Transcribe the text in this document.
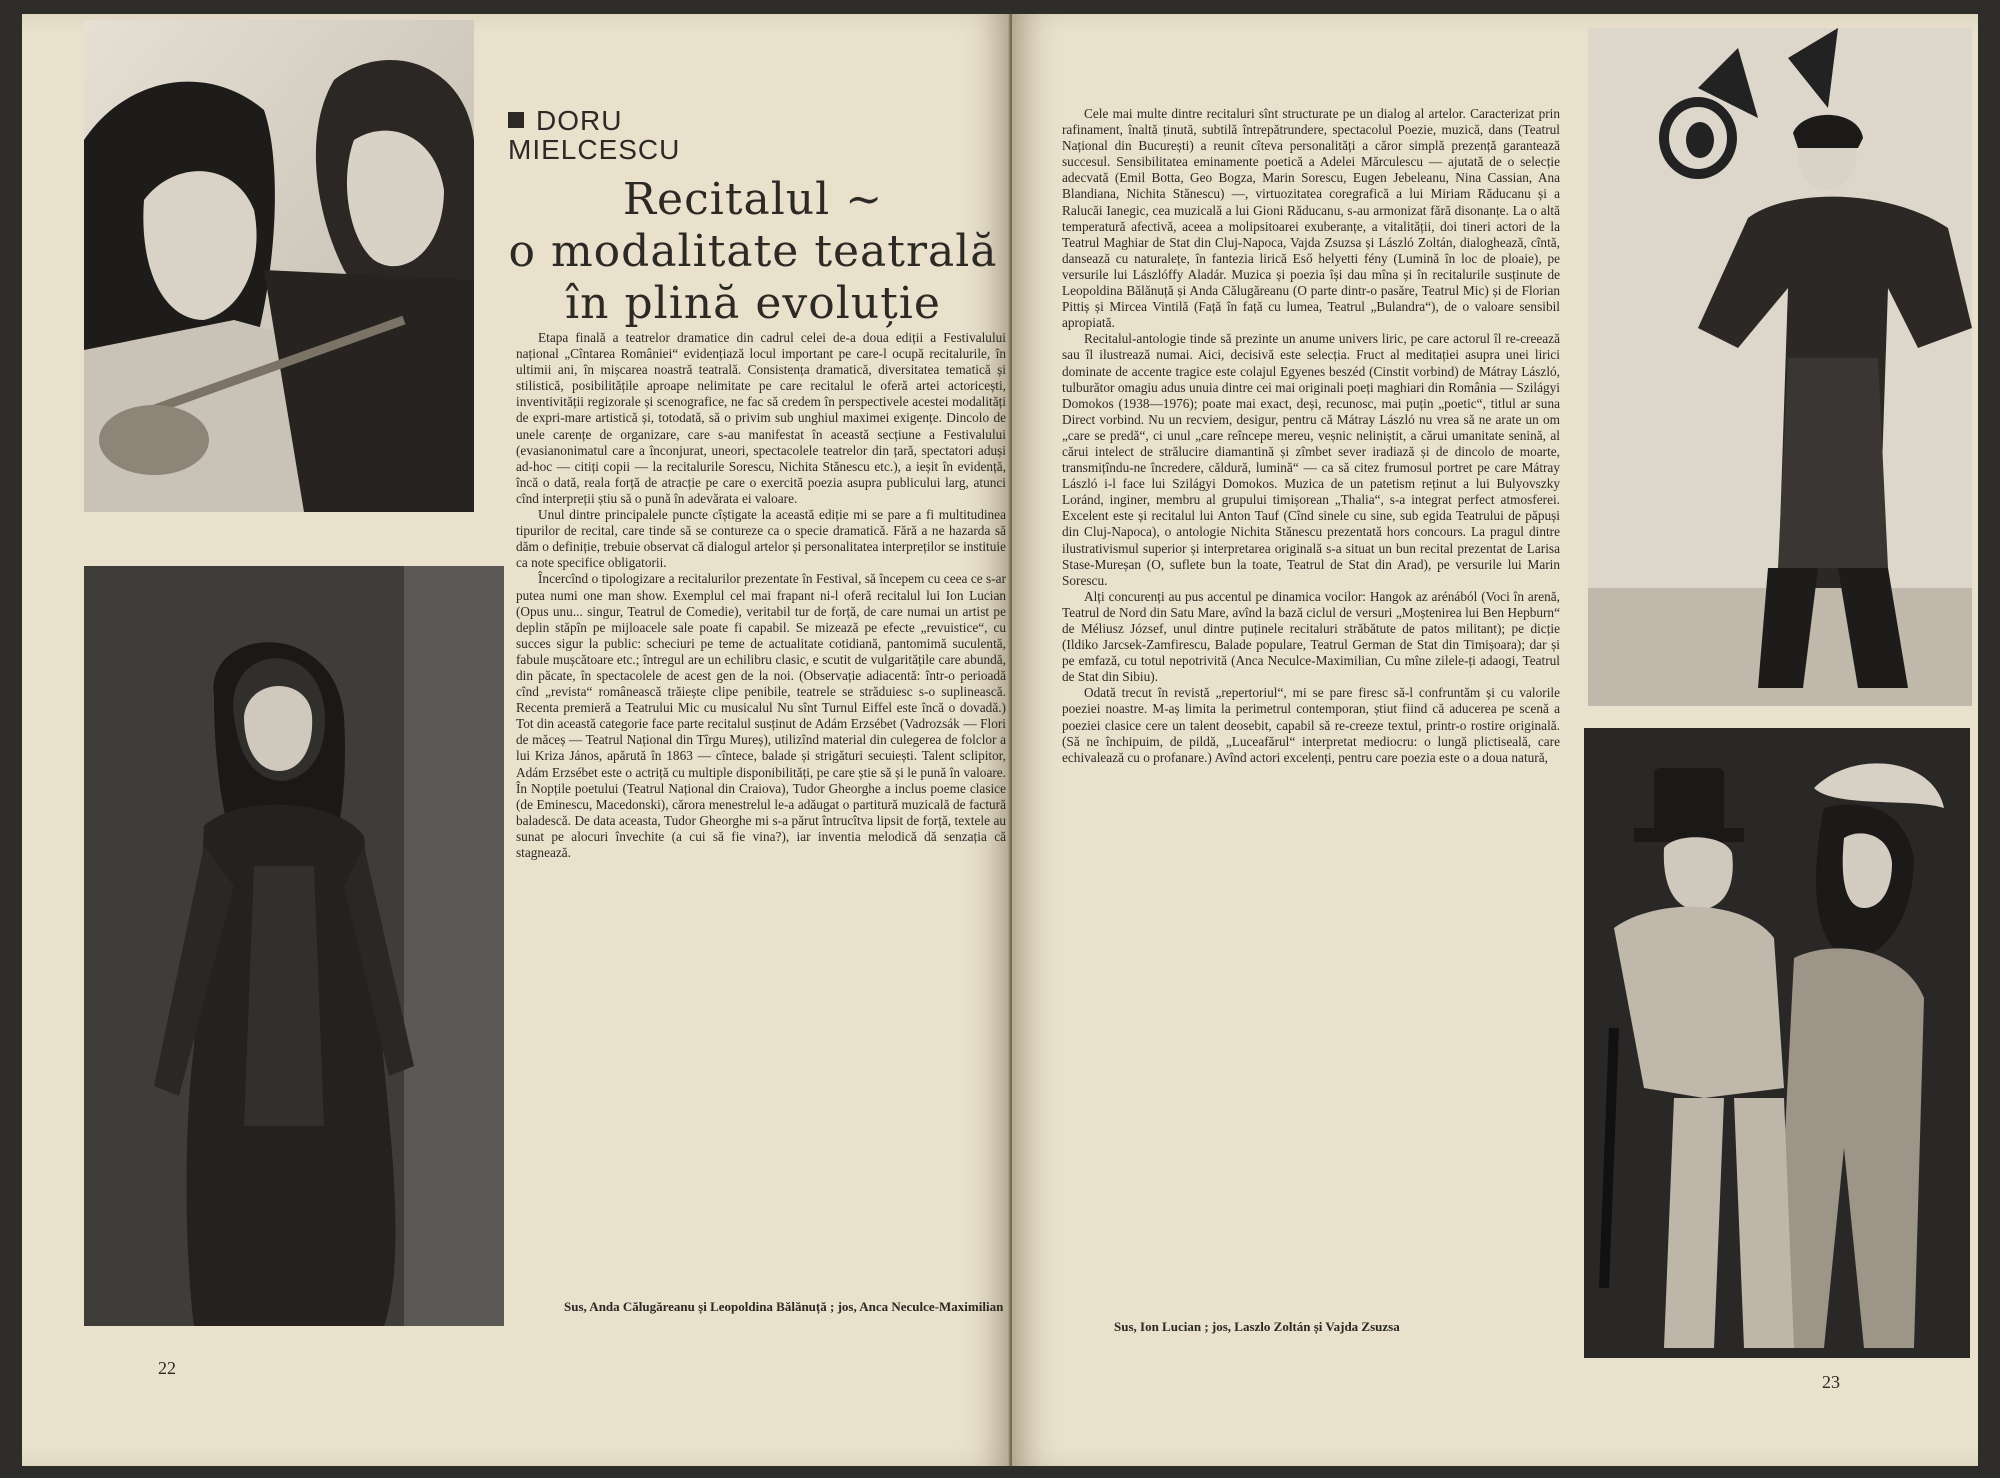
DORU
MIELCESCU
Recitalul ~
o modalitate teatrală
în plină evoluție

Etapa finală a teatrelor dramatice din cadrul celei de-a doua ediții a Festivalului național „Cîntarea României“ evidențiază locul important pe care-l ocupă recitalurile, în ultimii ani, în mișcarea noastră teatrală. Consistența dramatică, diversitatea tematică și stilistică, posibilitățile aproape nelimitate pe care recitalul le oferă artei actoricești, inventivității regizorale și scenografice, ne fac să credem în perspectivele acestei modalități de expri-mare artistică și, totodată, să o privim sub unghiul maximei exigențe. Dincolo de unele carențe de organizare, care s-au manifestat în această secțiune a Festivalului (evasianonimatul care a înconjurat, uneori, spectacolele teatrelor din țară, spectatori aduși ad-hoc — citiți copii — la recitalurile Sorescu, Nichita Stănescu etc.), a ieșit în evidență, încă o dată, reala forță de atracție pe care o exercită poezia asupra publicului larg, atunci cînd interpreții știu să o pună în adevărata ei valoare.

Unul dintre principalele puncte cîștigate la această ediție mi se pare a fi multitudinea tipurilor de recital, care tinde să se contureze ca o specie dramatică. Fără a ne hazarda să dăm o definiție, trebuie observat că dialogul artelor și personalitatea interpreților se instituie ca note specifice obligatorii.

Încercînd o tipologizare a recitalurilor prezentate în Festival, să începem cu ceea ce s-ar putea numi one man show. Exemplul cel mai frapant ni-l oferă recitalul lui Ion Lucian (Opus unu... singur, Teatrul de Comedie), veritabil tur de forță, de care numai un artist pe deplin stăpîn pe mijloacele sale poate fi capabil. Se mizează pe efecte „revuistice“, cu succes sigur la public: scheciuri pe teme de actualitate cotidiană, pantomimă suculentă, fabule mușcătoare etc.; întregul are un echilibru clasic, e scutit de vulgaritățile care abundă, din păcate, în spectacolele de acest gen de la noi. (Observație adiacentă: într-o perioadă cînd „revista“ românească trăiește clipe penibile, teatrele se străduiesc s-o suplinească. Recenta premieră a Teatrului Mic cu musicalul Nu sînt Turnul Eiffel este încă o dovadă.) Tot din această categorie face parte recitalul susținut de Adám Erzsébet (Vadrozsák — Flori de măceș — Teatrul Național din Tîrgu Mureș), utilizînd material din culegerea de folclor a lui Kriza János, apărută în 1863 — cîntece, balade și strigături secuiești. Talent sclipitor, Adám Erzsébet este o actriță cu multiple disponibilități, pe care știe să și le pună în valoare. În Nopțile poetului (Teatrul Național din Craiova), Tudor Gheorghe a inclus poeme clasice (de Eminescu, Macedonski), cărora menestrelul le-a adăugat o partitură muzicală de factură baladescă. De data aceasta, Tudor Gheorghe mi s-a părut întrucîtva lipsit de forță, textele au sunat pe alocuri învechite (a cui să fie vina?), iar inventia melodică dă senzația că stagnează.

Sus, Anda Călugăreanu și Leopoldina Bălănuță ; jos, Anca Neculce-Maximilian
22

Cele mai multe dintre recitaluri sînt structurate pe un dialog al artelor. Caracterizat prin rafinament, înaltă ținută, subtilă întrepătrundere, spectacolul Poezie, muzică, dans (Teatrul Național din București) a reunit cîteva personalități a căror simplă prezență garantează succesul. Sensibilitatea eminamente poetică a Adelei Mărculescu — ajutată de o selecție adecvată (Emil Botta, Geo Bogza, Marin Sorescu, Eugen Jebeleanu, Nina Cassian, Ana Blandiana, Nichita Stănescu) —, virtuozitatea coregrafică a lui Miriam Răducanu și a Ralucăi Ianegic, cea muzicală a lui Gioni Răducanu, s-au armonizat fără disonanțe. La o altă temperatură afectivă, aceea a molipsitoarei exuberanțe, a vitalității, doi tineri actori de la Teatrul Maghiar de Stat din Cluj-Napoca, Vajda Zsuzsa și László Zoltán, dialoghează, cîntă, dansează cu naturalețe, în fantezia lirică Eső helyetti fény (Lumină în loc de ploaie), pe versurile lui Lászlóffy Aladár. Muzica și poezia își dau mîna și în recitalurile susținute de Leopoldina Bălănuță și Anda Călugăreanu (O parte dintr-o pasăre, Teatrul Mic) și de Florian Pittiș și Mircea Vintilă (Față în față cu lumea, Teatrul „Bulandra“), de o valoare sensibil apropiată.

Recitalul-antologie tinde să prezinte un anume univers liric, pe care actorul îl re-creează sau îl ilustrează numai. Aici, decisivă este selecția. Fruct al meditației asupra unei lirici dominate de accente tragice este colajul Egyenes beszéd (Cinstit vorbind) de Mátray László, tulburător omagiu adus unuia dintre cei mai originali poeți maghiari din România — Szilágyi Domokos (1938—1976); poate mai exact, deși, recunosc, mai puțin „poetic“, titlul ar suna Direct vorbind. Nu un recviem, desigur, pentru că Mátray László nu vrea să ne arate un om „care se predă“, ci unul „care reîncepe mereu, veșnic neliniștit, a cărui umanitate senină, al cărui intelect de strălucire diamantină și zîmbet sever iradiază și de dincolo de moarte, transmițîndu-ne încredere, căldură, lumină“ — ca să citez frumosul portret pe care Mátray László i-l face lui Szilágyi Domokos. Muzica de un patetism reținut a lui Bulyovszky Loránd, inginer, membru al grupului timișorean „Thalia“, s-a integrat perfect atmosferei. Excelent este și recitalul lui Anton Tauf (Cînd sinele cu sine, sub egida Teatrului de păpuși din Cluj-Napoca), o antologie Nichita Stănescu prezentată hors concours. La pragul dintre ilustrativismul superior și interpretarea originală s-a situat un bun recital prezentat de Larisa Stase-Mureșan (O, suflete bun la toate, Teatrul de Stat din Arad), pe versurile lui Marin Sorescu.

Alți concurenți au pus accentul pe dinamica vocilor: Hangok az arénából (Voci în arenă, Teatrul de Nord din Satu Mare, avînd la bază ciclul de versuri „Moștenirea lui Ben Hepburn“ de Méliusz József, unul dintre puținele recitaluri străbătute de patos militant); pe dicție (Ildiko Jarcsek-Zamfirescu, Balade populare, Teatrul German de Stat din Timișoara); dar și pe emfază, cu totul nepotrivită (Anca Neculce-Maximilian, Cu mîne zilele-ți adaogi, Teatrul de Stat din Sibiu).

Odată trecut în revistă „repertoriul“, mi se pare firesc să-l confruntăm și cu valorile poeziei noastre. M-aș limita la perimetrul contemporan, știut fiind că aducerea pe scenă a poeziei clasice cere un talent deosebit, capabil să re-creeze textul, printr-o rostire originală. (Să ne închipuim, de pildă, „Luceafărul“ interpretat mediocru: o lungă plictiseală, care echivalează cu o profanare.) Avînd actori excelenți, pentru care poezia este o a doua natură,

Sus, Ion Lucian ; jos, Laszlo Zoltán și Vajda Zsuzsa
23
